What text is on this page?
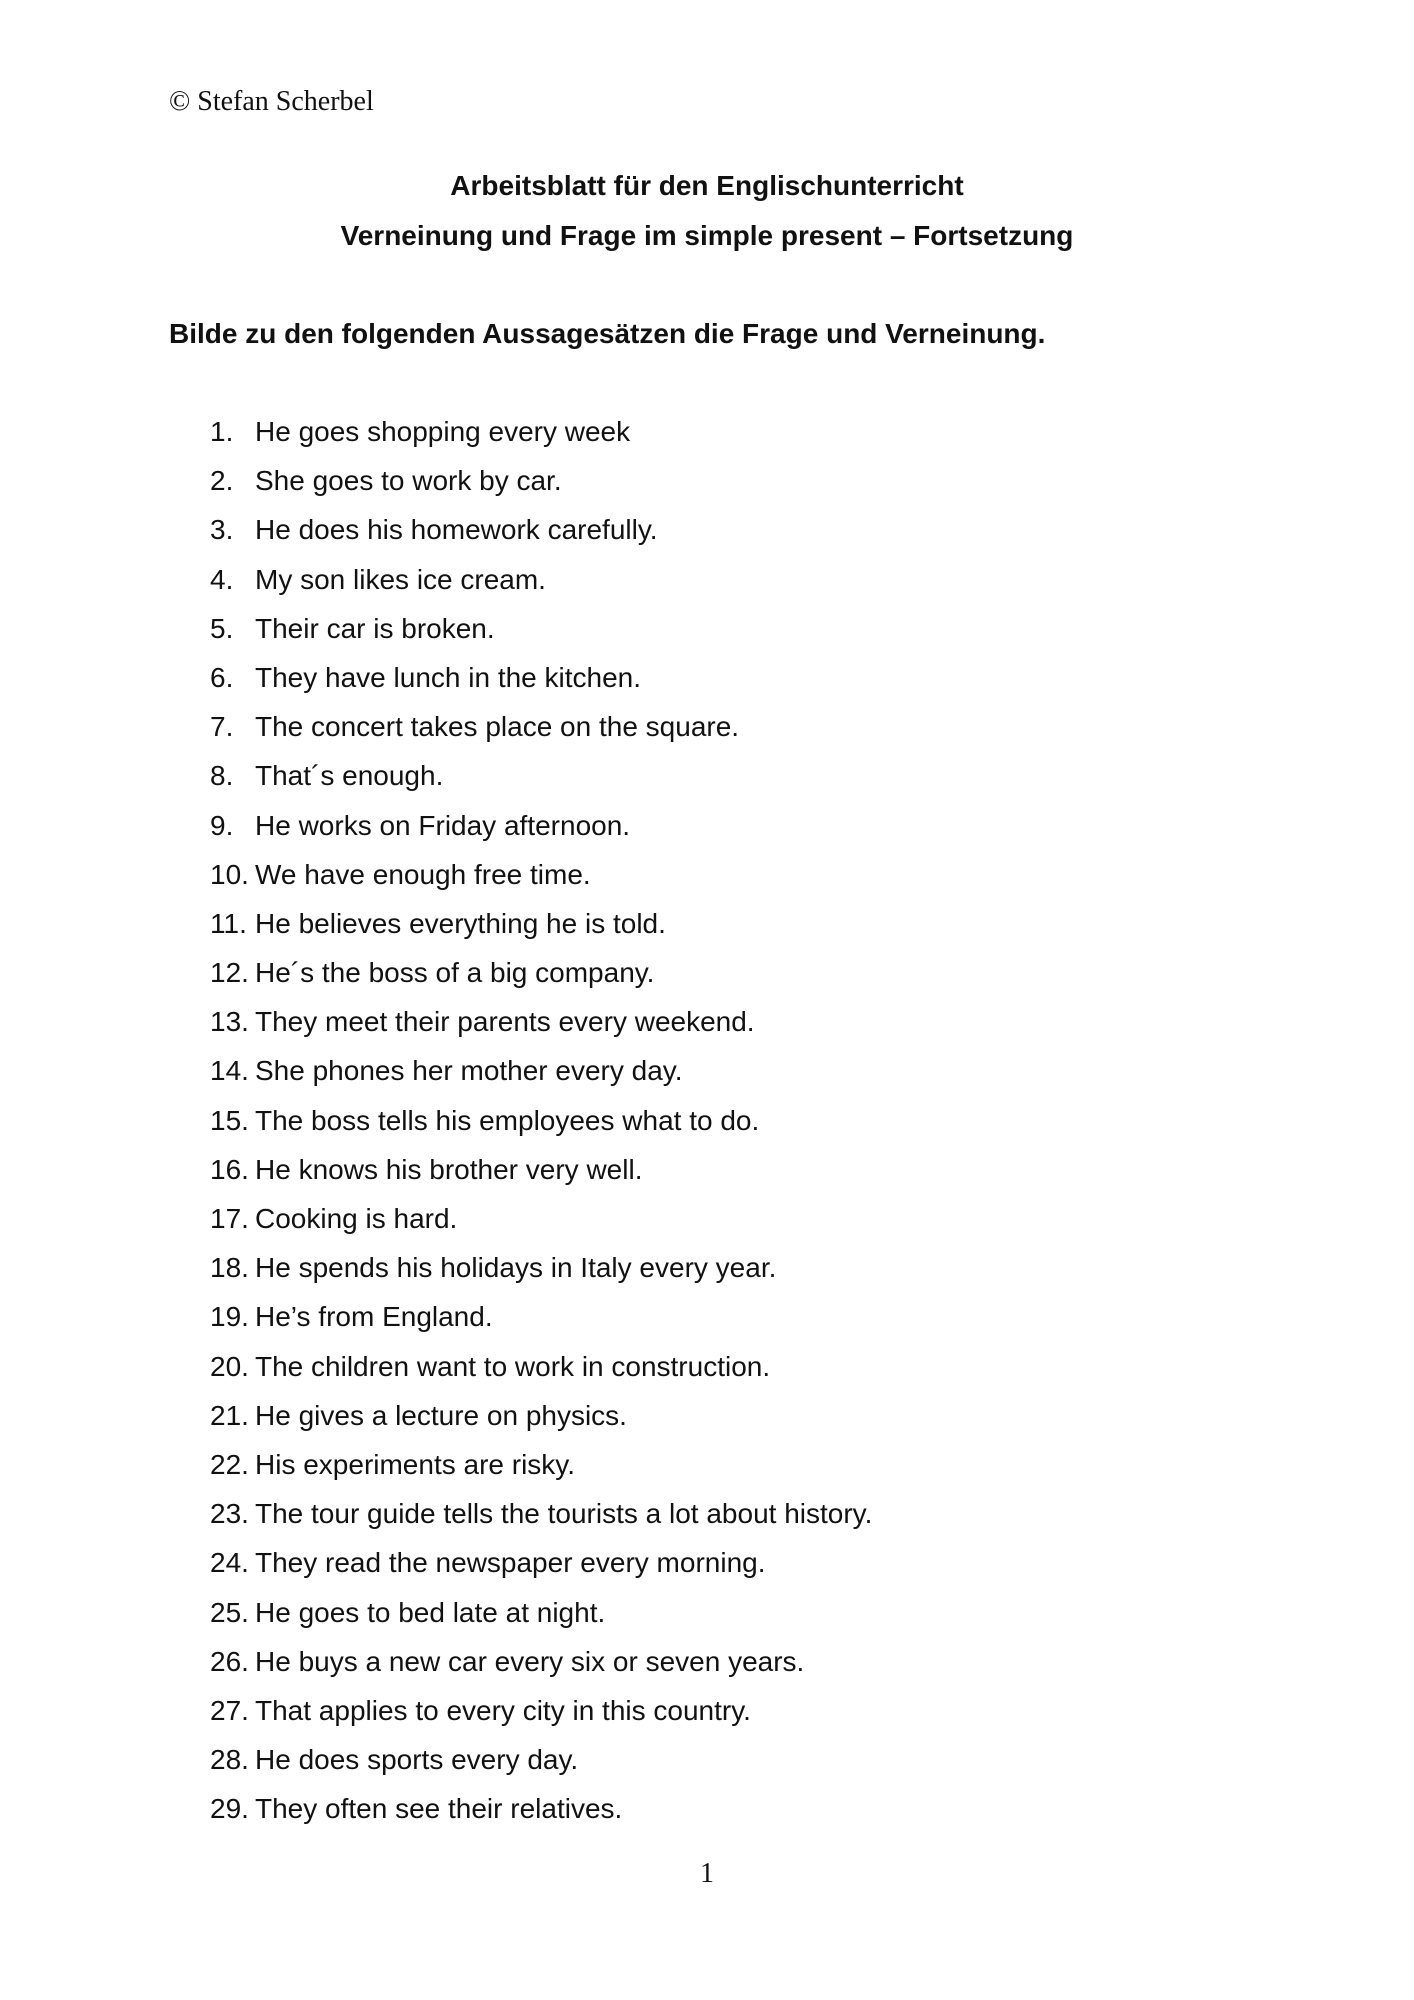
© Stefan Scherbel
Arbeitsblatt für den Englischunterricht
Verneinung und Frage im simple present – Fortsetzung
Bilde zu den folgenden Aussagesätzen die Frage und Verneinung.
1. He goes shopping every week
2. She goes to work by car.
3. He does his homework carefully.
4. My son likes ice cream.
5. Their car is broken.
6. They have lunch in the kitchen.
7. The concert takes place on the square.
8. That´s enough.
9. He works on Friday afternoon.
10. We have enough free time.
11. He believes everything he is told.
12. He´s the boss of a big company.
13. They meet their parents every weekend.
14. She phones her mother every day.
15. The boss tells his employees what to do.
16. He knows his brother very well.
17. Cooking is hard.
18. He spends his holidays in Italy every year.
19. He’s from England.
20. The children want to work in construction.
21. He gives a lecture on physics.
22. His experiments are risky.
23. The tour guide tells the tourists a lot about history.
24. They read the newspaper every morning.
25. He goes to bed late at night.
26. He buys a new car every six or seven years.
27. That applies to every city in this country.
28. He does sports every day.
29. They often see their relatives.
1
